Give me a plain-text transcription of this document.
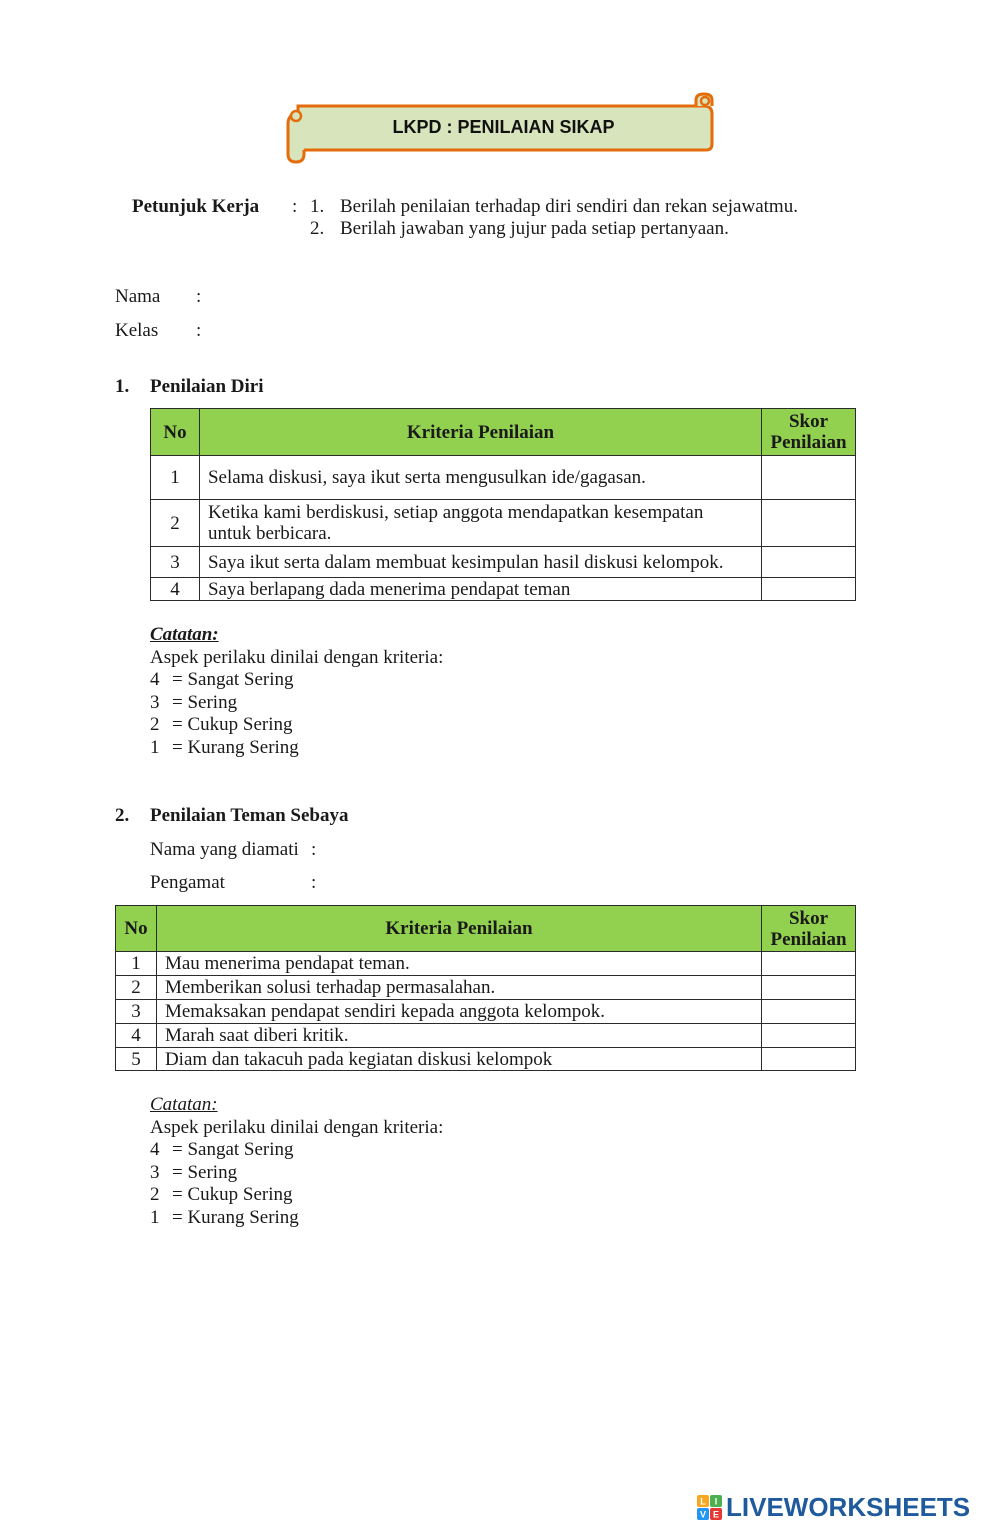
LKPD : PENILAIAN SIKAP
Petunjuk Kerja : 1. Berilah penilaian terhadap diri sendiri dan rekan sejawatmu.
2. Berilah jawaban yang jujur pada setiap pertanyaan.
Nama :
Kelas :
1. Penilaian Diri
No	Kriteria Penilaian	Skor
Penilaian
1	Selama diskusi, saya ikut serta mengusulkan ide/gagasan.	
2	Ketika kami berdiskusi, setiap anggota mendapatkan kesempatan
untuk berbicara.	
3	Saya ikut serta dalam membuat kesimpulan hasil diskusi kelompok.	
4	Saya berlapang dada menerima pendapat teman	
Catatan:
Aspek perilaku dinilai dengan kriteria:
4 = Sangat Sering
3 = Sering
2 = Cukup Sering
1 = Kurang Sering
2. Penilaian Teman Sebaya
Nama yang diamati :
Pengamat	:
No	Kriteria Penilaian	Skor
Penilaian
1	Mau menerima pendapat teman.	
2	Memberikan solusi terhadap permasalahan.	
3	Memaksakan pendapat sendiri kepada anggota kelompok.	
4	Marah saat diberi kritik.	
5	Diam dan takacuh pada kegiatan diskusi kelompok	
Catatan:
Aspek perilaku dinilai dengan kriteria:
4 = Sangat Sering
3 = Sering
2 = Cukup Sering
1 = Kurang Sering
L I
V E LIVEWORKSHEETS
